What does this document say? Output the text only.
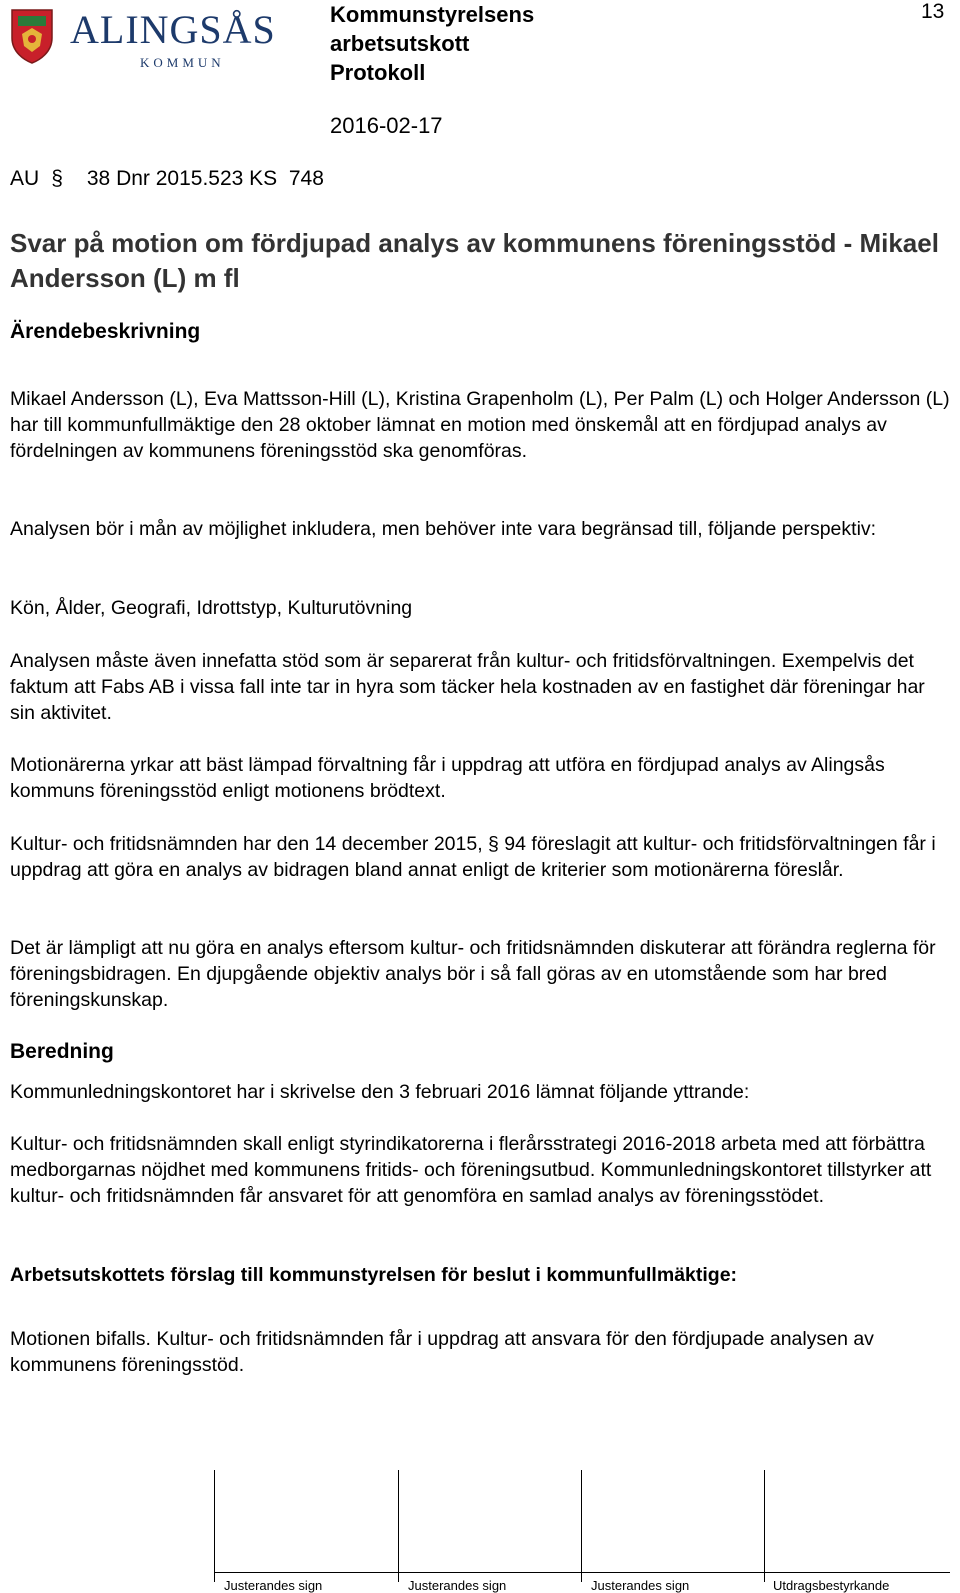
ALINGSÅS
KOMMUN
Kommunstyrelsens
arbetsutskott
Protokoll
2016-02-17
13
AU § 38 Dnr 2015.523 KS 748
Svar på motion om fördjupad analys av kommunens föreningsstöd - Mikael Andersson (L) m fl
Ärendebeskrivning

Mikael Andersson (L), Eva Mattsson-Hill (L), Kristina Grapenholm (L), Per Palm (L) och Holger Andersson (L) har till kommunfullmäktige den 28 oktober lämnat en motion med önskemål att en fördjupad analys av fördelningen av kommunens föreningsstöd ska genomföras.

Analysen bör i mån av möjlighet inkludera, men behöver inte vara begränsad till, följande perspektiv:

Kön, Ålder, Geografi, Idrottstyp, Kulturutövning

Analysen måste även innefatta stöd som är separerat från kultur- och fritidsförvaltningen. Exempelvis det faktum att Fabs AB i vissa fall inte tar in hyra som täcker hela kostnaden av en fastighet där föreningar har sin aktivitet.

Motionärerna yrkar att bäst lämpad förvaltning får i uppdrag att utföra en fördjupad analys av Alingsås kommuns föreningsstöd enligt motionens brödtext.

Kultur- och fritidsnämnden har den 14 december 2015, § 94 föreslagit att kultur- och fritidsförvaltningen får i uppdrag att göra en analys av bidragen bland annat enligt de kriterier som motionärerna föreslår.

Det är lämpligt att nu göra en analys eftersom kultur- och fritidsnämnden diskuterar att förändra reglerna för föreningsbidragen. En djupgående objektiv analys bör i så fall göras av en utomstående som har bred föreningskunskap.

Beredning

Kommunledningskontoret har i skrivelse den 3 februari 2016 lämnat följande yttrande:

Kultur- och fritidsnämnden skall enligt styrindikatorerna i flerårsstrategi 2016-2018 arbeta med att förbättra medborgarnas nöjdhet med kommunens fritids- och föreningsutbud. Kommunledningskontoret tillstyrker att kultur- och fritidsnämnden får ansvaret för att genomföra en samlad analys av föreningsstödet.

Arbetsutskottets förslag till kommunstyrelsen för beslut i kommunfullmäktige:

Motionen bifalls. Kultur- och fritidsnämnden får i uppdrag att ansvara för den fördjupade analysen av kommunens föreningsstöd.

Justerandes sign	Justerandes sign	Justerandes sign	Utdragsbestyrkande
